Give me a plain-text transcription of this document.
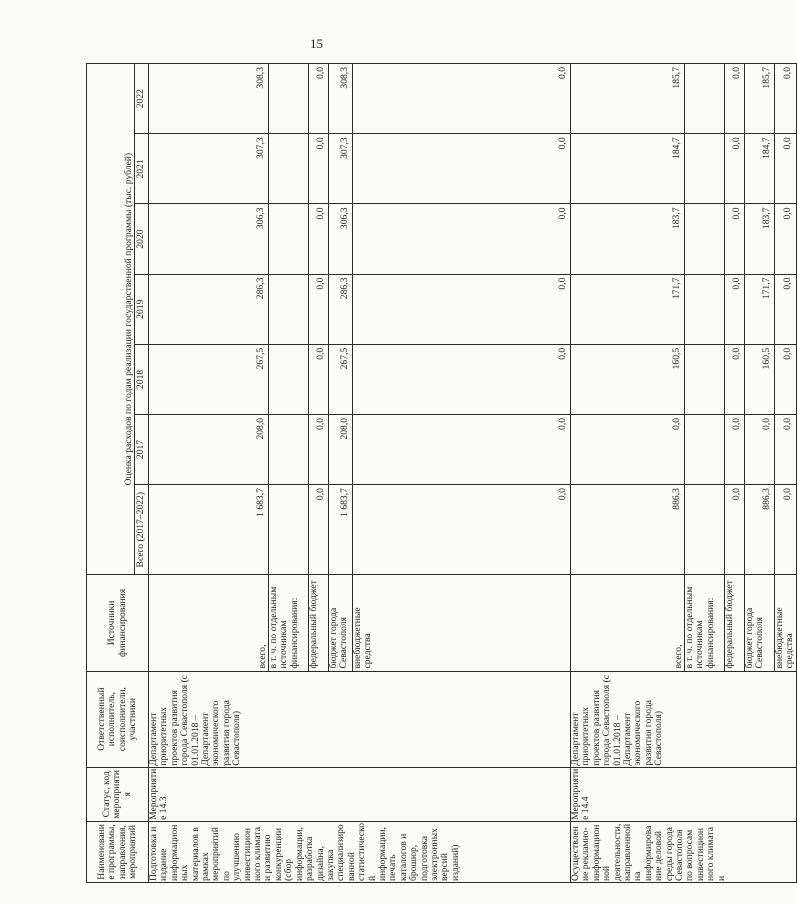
15
Наименование программы, направления, мероприятий	Статус, код мероприятия	Ответственный исполнитель, соисполнители, участники	Источники финансирования	Оценка расходов по годам реализации государственной программы (тыс. рублей)						
				Всего (2017–2022)	2017	2018	2019	2020	2021	2022
Подготовка и издание информационных материалов в рамках мероприятий по улучшению инвестиционного климата и развитию конкуренции (сбор информации, разработка дизайна, закупка специализированной статистической информации, печать каталогов и брошюр, подготовка электронных версий изданий)	Мероприятие 14.3	Департамент приоритетных проектов развития города Севастополя (с 01.01.2018 – Департамент экономического развития города Севастополя)	всего,	1 683,7	208,0	267,5	286,3	306,3	307,3	308,3
			в т. ч. по отдельным источникам финансирования:							
			федеральный бюджет	0,0	0,0	0,0	0,0	0,0	0,0	0,0
			бюджет города Севастополя	1 683,7	208,0	267,5	286,3	306,3	307,3	308,3
			внебюджетные средства	0,0	0,0	0,0	0,0	0,0	0,0	0,0
Осуществление рекламно-информационной деятельности, направленной на информирование деловой среды города Севастополя по вопросам инвестиционного климата и	Мероприятие 14.4	Департамент приоритетных проектов развития города Севастополя (с 01.01.2018 – Департамент экономического развития города Севастополя)	всего,	886,3	0,0	160,5	171,7	183,7	184,7	185,7
			в т. ч. по отдельным источникам финансирования:							
			федеральный бюджет	0,0	0,0	0,0	0,0	0,0	0,0	0,0
			бюджет города Севастополя	886,3	0,0	160,5	171,7	183,7	184,7	185,7
			внебюджетные средства	0,0	0,0	0,0	0,0	0,0	0,0	0,0
